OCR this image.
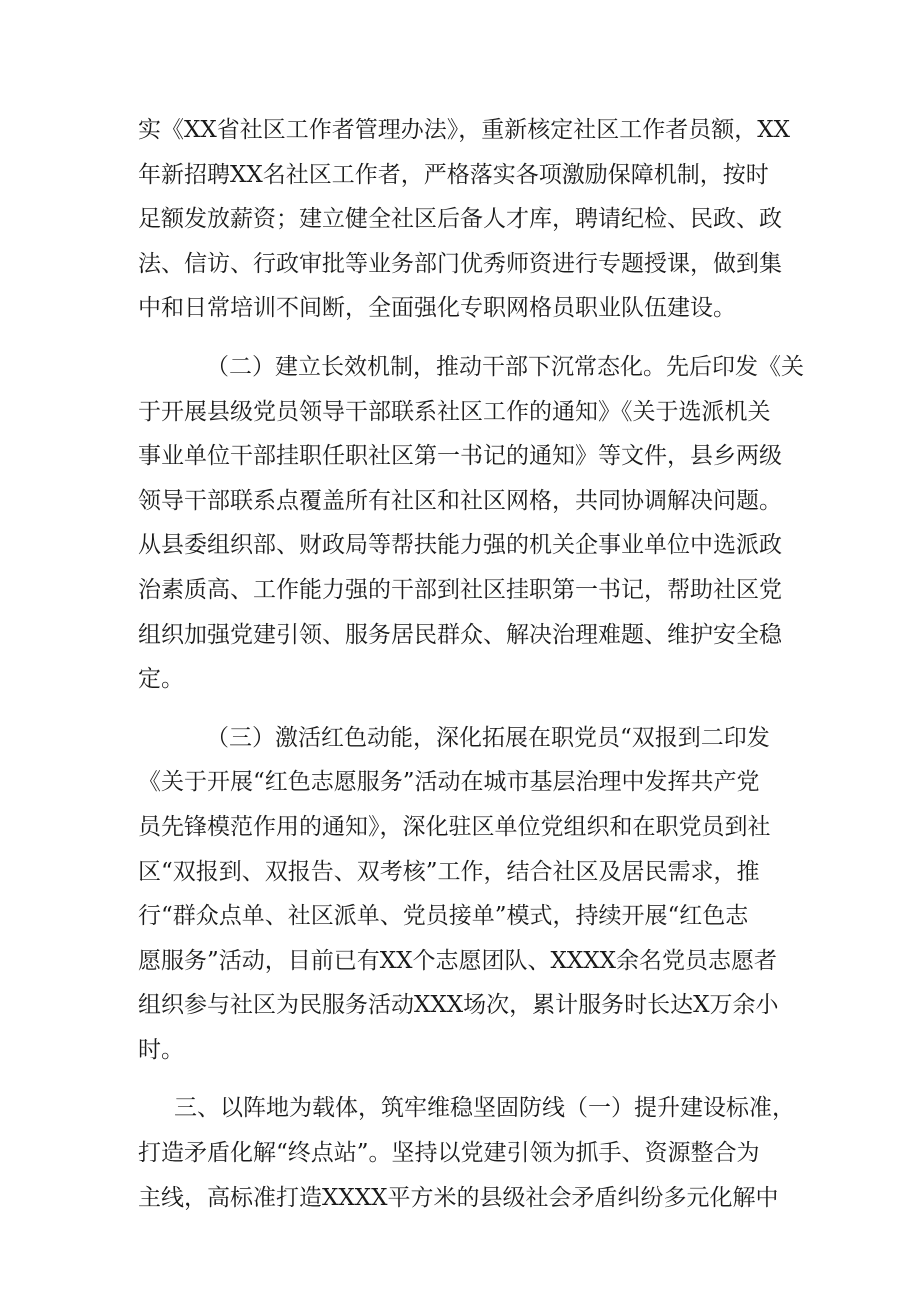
实《XX省社区工作者管理办法》，重新核定社区工作者员额，XX
年新招聘XX名社区工作者，严格落实各项激励保障机制，按时
足额发放薪资；建立健全社区后备人才库，聘请纪检、民政、政
法、信访、行政审批等业务部门优秀师资进行专题授课，做到集
中和日常培训不间断，全面强化专职网格员职业队伍建设。
（二）建立长效机制，推动干部下沉常态化。先后印发《关
于开展县级党员领导干部联系社区工作的通知》《关于选派机关
事业单位干部挂职任职社区第一书记的通知》等文件，县乡两级
领导干部联系点覆盖所有社区和社区网格，共同协调解决问题。
从县委组织部、财政局等帮扶能力强的机关企事业单位中选派政
治素质高、工作能力强的干部到社区挂职第一书记，帮助社区党
组织加强党建引领、服务居民群众、解决治理难题、维护安全稳
定。
（三）激活红色动能，深化拓展在职党员“双报到二印发
《关于开展“红色志愿服务”活动在城市基层治理中发挥共产党
员先锋模范作用的通知》，深化驻区单位党组织和在职党员到社
区“双报到、双报告、双考核”工作，结合社区及居民需求，推
行“群众点单、社区派单、党员接单”模式，持续开展“红色志
愿服务”活动，目前已有XX个志愿团队、XXXX余名党员志愿者
组织参与社区为民服务活动XXX场次，累计服务时长达X万余小
时。
三、以阵地为载体，筑牢维稳坚固防线（一）提升建设标准，
打造矛盾化解“终点站”。坚持以党建引领为抓手、资源整合为
主线，高标准打造XXXX平方米的县级社会矛盾纠纷多元化解中
